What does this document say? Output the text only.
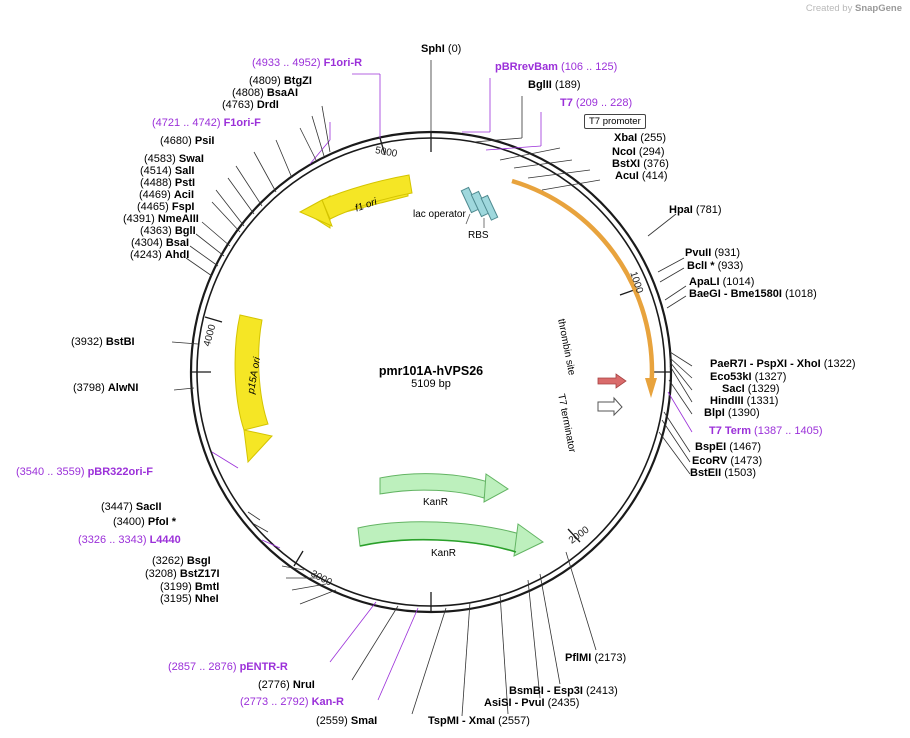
Created by SnapGene
pmr101A-hVPS26
5109 bp
1000
2000
3000
4000
5000
f1 ori
p15A ori
KanR
KanR
lac operator
RBS
thrombin site
T7 terminator
T7 promoter
SphI (0)
pBRrevBam (106 .. 125)
BglII (189)
T7 (209 .. 228)
XbaI (255)
NcoI (294)
BstXI (376)
AcuI (414)
HpaI (781)
PvuII (931)
BclI * (933)
ApaLI (1014)
BaeGI - Bme1580I (1018)
PaeR7I - PspXI - XhoI (1322)
Eco53kI (1327)
SacI (1329)
HindIII (1331)
BlpI (1390)
T7 Term (1387 .. 1405)
BspEI (1467)
EcoRV (1473)
BstEII (1503)
PflMI (2173)
BsmBI - Esp3I (2413)
AsiSI - PvuI (2435)
TspMI - XmaI (2557)
(2559) SmaI
(2773 .. 2792) Kan-R
(2776) NruI
(2857 .. 2876) pENTR-R
(3195) NheI
(3199) BmtI
(3208) BstZ17I
(3262) BsgI
(3326 .. 3343) L4440
(3400) PfoI *
(3447) SacII
(3540 .. 3559) pBR322ori-F
(3798) AlwNI
(3932) BstBI
(4243) AhdI
(4304) BsaI
(4363) BglI
(4391) NmeAIII
(4465) FspI
(4469) AciI
(4488) PstI
(4514) SalI
(4583) SwaI
(4680) PsiI
(4721 .. 4742) F1ori-F
(4763) DrdI
(4808) BsaAI
(4809) BtgZI
(4933 .. 4952) F1ori-R
